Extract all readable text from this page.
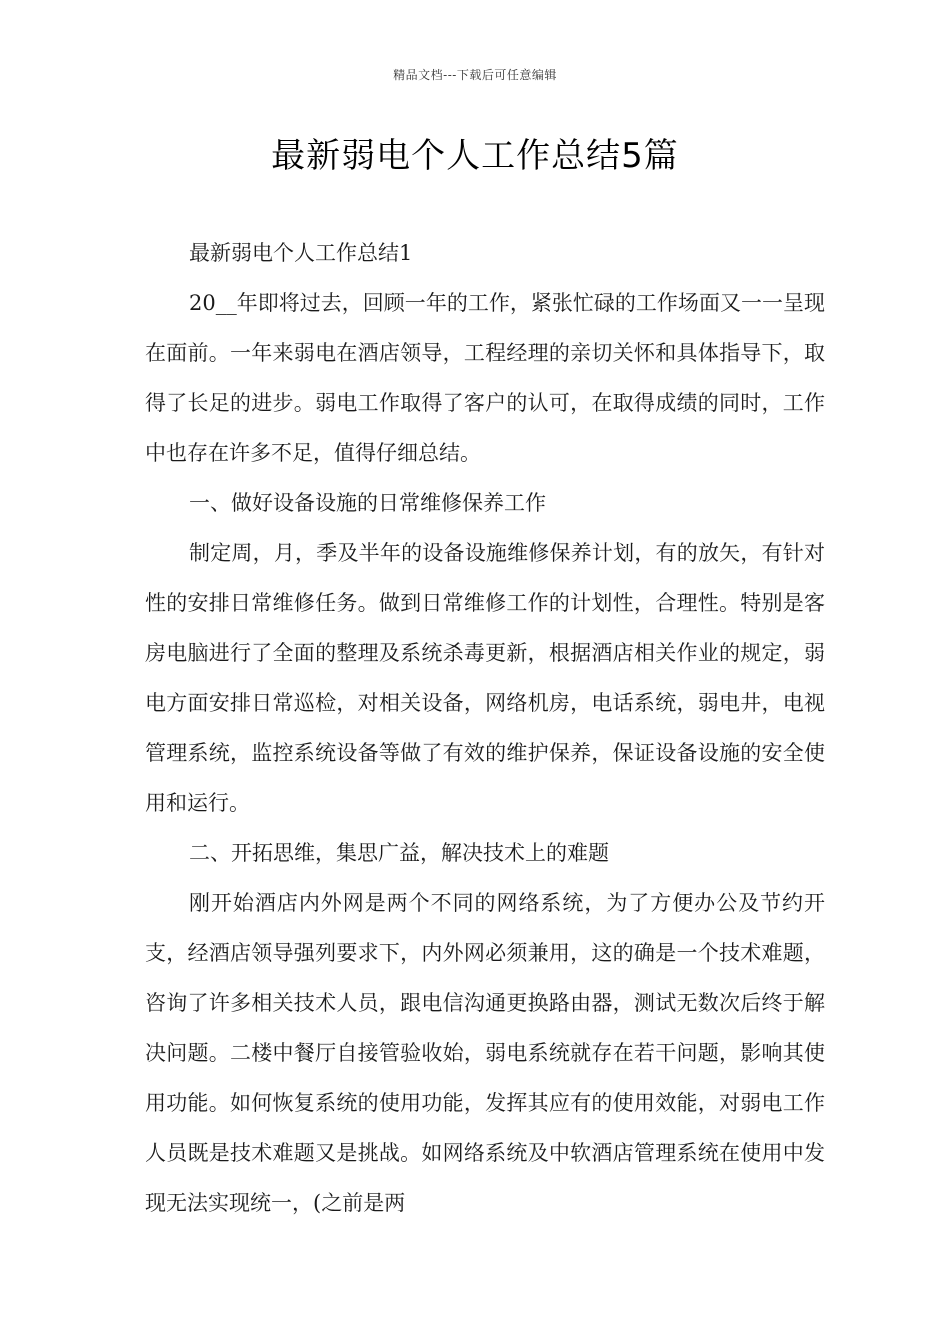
精品文档---下载后可任意编辑
最新弱电个人工作总结5篇

最新弱电个人工作总结1

20__年即将过去，回顾一年的工作，紧张忙碌的工作场面又一一呈现在面前。一年来弱电在酒店领导，工程经理的亲切关怀和具体指导下，取得了长足的进步。弱电工作取得了客户的认可，在取得成绩的同时，工作中也存在许多不足，值得仔细总结。

一、做好设备设施的日常维修保养工作

制定周，月，季及半年的设备设施维修保养计划，有的放矢，有针对性的安排日常维修任务。做到日常维修工作的计划性，合理性。特别是客房电脑进行了全面的整理及系统杀毒更新，根据酒店相关作业的规定，弱电方面安排日常巡检，对相关设备，网络机房，电话系统，弱电井，电视管理系统，监控系统设备等做了有效的维护保养，保证设备设施的安全使用和运行。

二、开拓思维，集思广益，解决技术上的难题

刚开始酒店内外网是两个不同的网络系统，为了方便办公及节约开支，经酒店领导强列要求下，内外网必须兼用，这的确是一个技术难题，咨询了许多相关技术人员，跟电信沟通更换路由器，测试无数次后终于解决问题。二楼中餐厅自接管验收始，弱电系统就存在若干问题，影响其使用功能。如何恢复系统的使用功能，发挥其应有的使用效能，对弱电工作人员既是技术难题又是挑战。如网络系统及中软酒店管理系统在使用中发现无法实现统一，(之前是两
